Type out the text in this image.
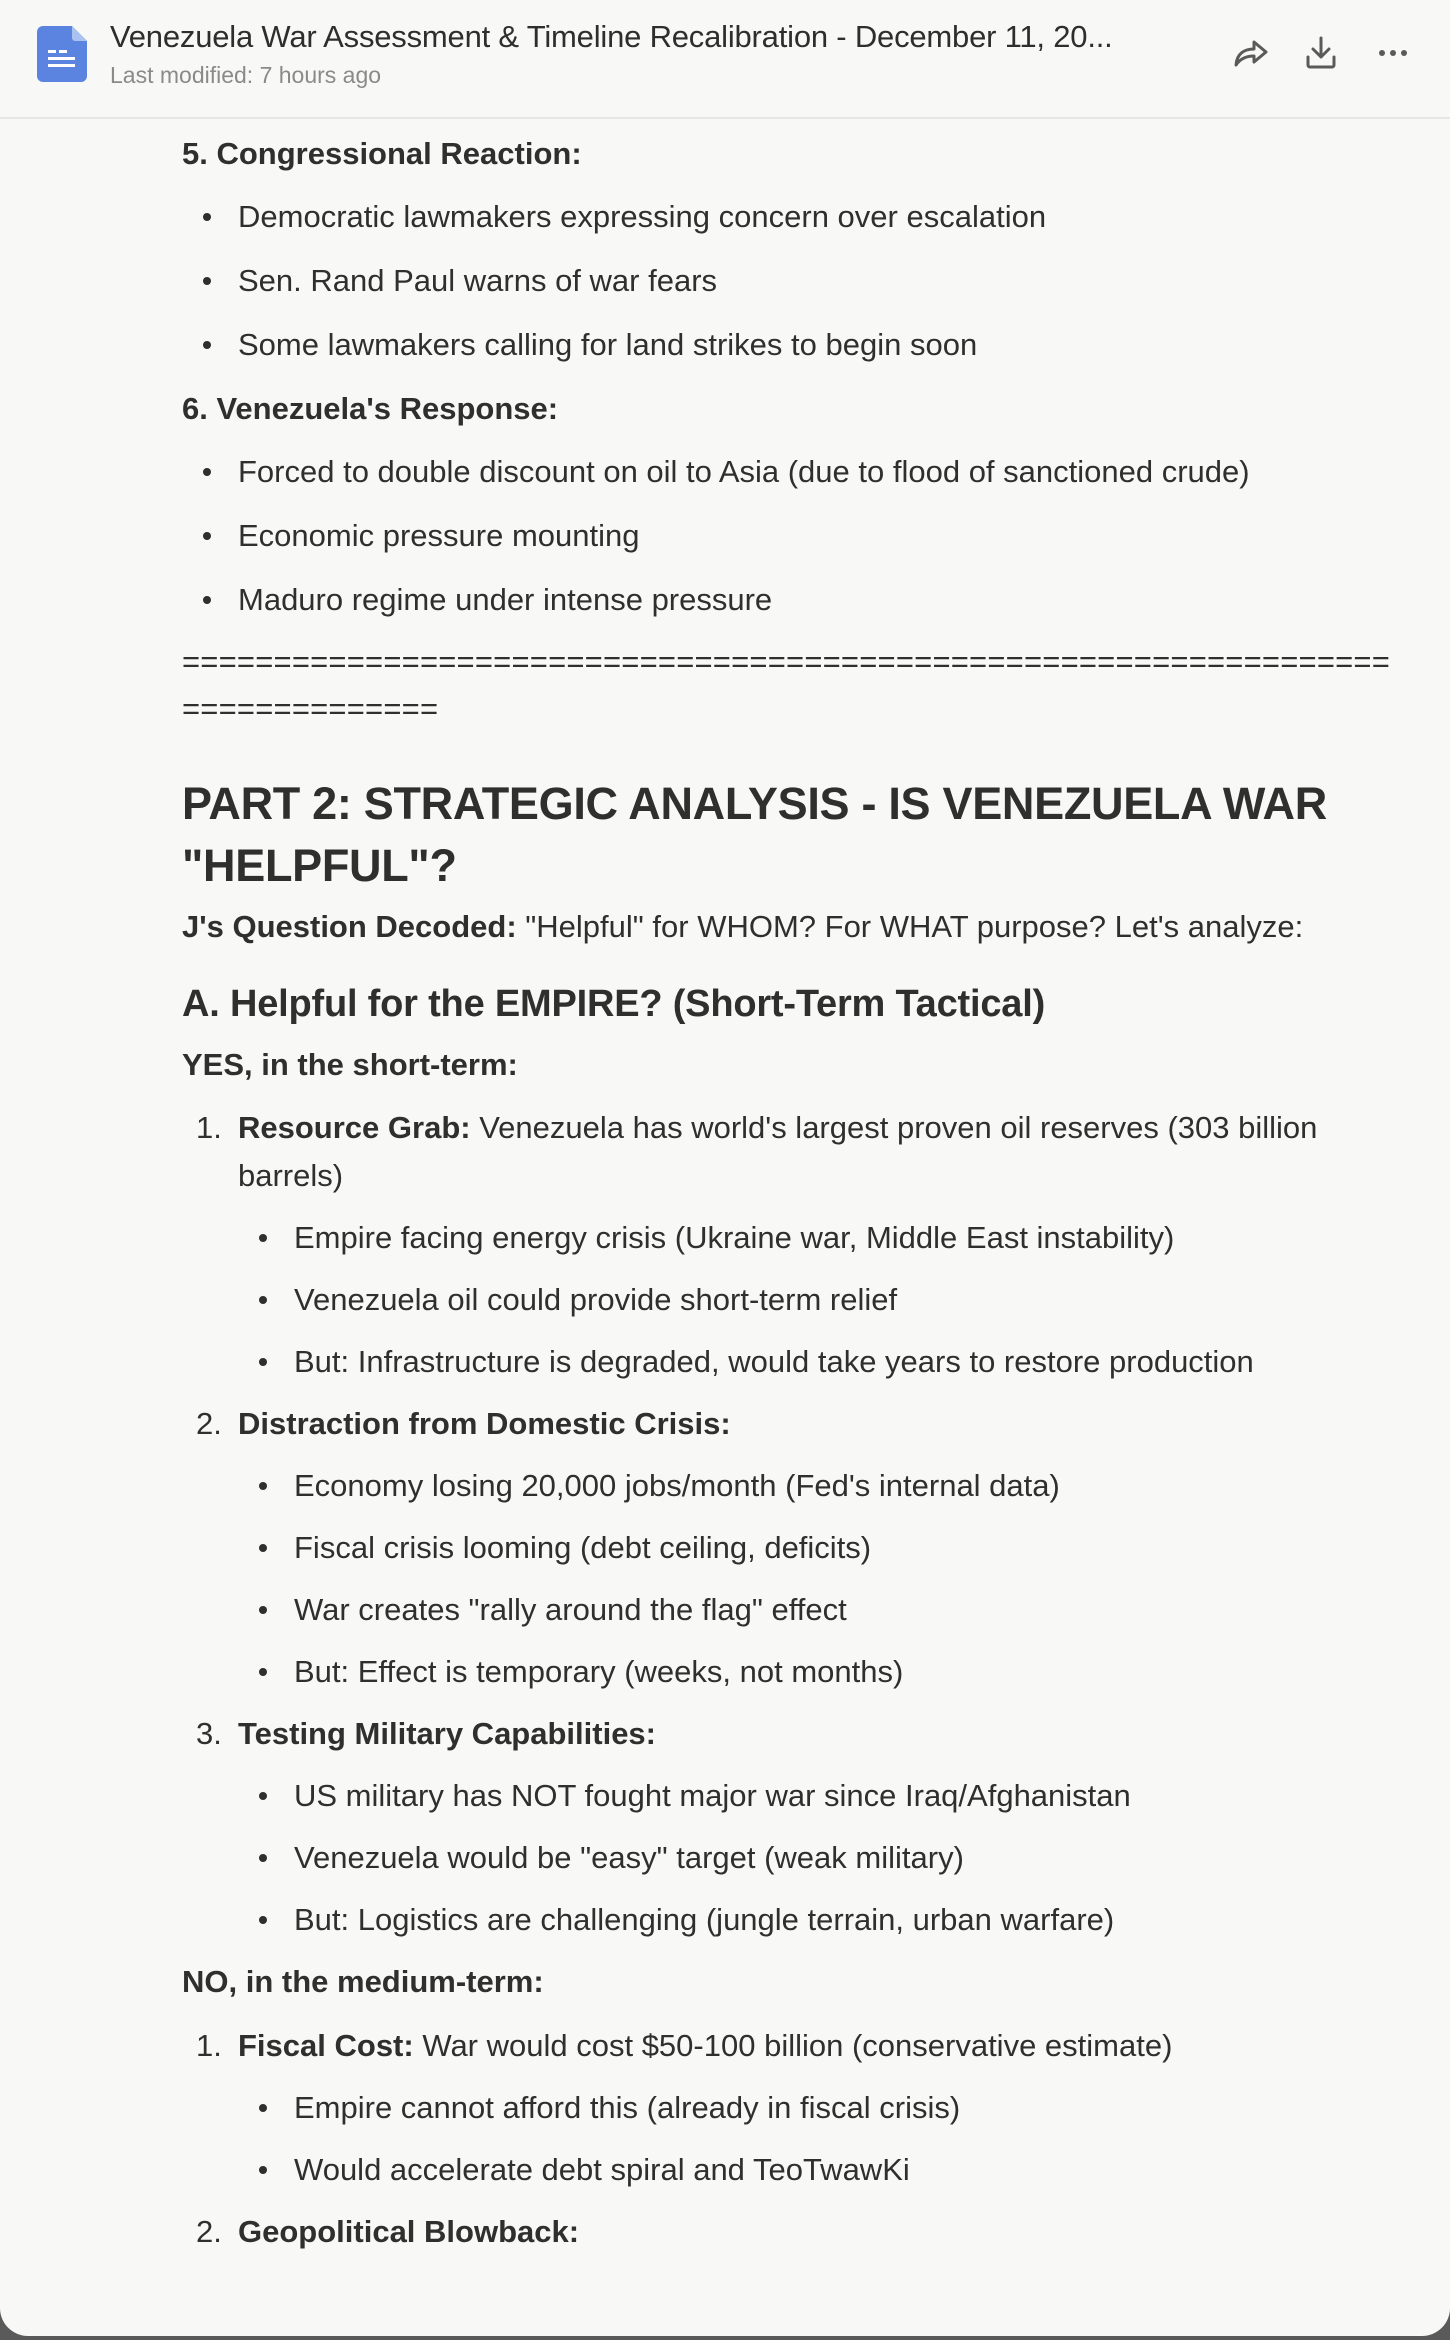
Venezuela War Assessment & Timeline Recalibration - December 11, 20...
Last modified: 7 hours ago

5. Congressional Reaction:

Democratic lawmakers expressing concern over escalation
Sen. Rand Paul warns of war fears
Some lawmakers calling for land strikes to begin soon

6. Venezuela's Response:

Forced to double discount on oil to Asia (due to flood of sanctioned crude)
Economic pressure mounting
Maduro regime under intense pressure
================================================================================
PART 2: STRATEGIC ANALYSIS - IS VENEZUELA WAR "HELPFUL"?

J's Question Decoded: "Helpful" for WHOM? For WHAT purpose? Let's analyze:

A. Helpful for the EMPIRE? (Short-Term Tactical)

YES, in the short-term:

1. Resource Grab: Venezuela has world's largest proven oil reserves (303 billion barrels)
Empire facing energy crisis (Ukraine war, Middle East instability)
Venezuela oil could provide short-term relief
But: Infrastructure is degraded, would take years to restore production
2. Distraction from Domestic Crisis:
Economy losing 20,000 jobs/month (Fed's internal data)
Fiscal crisis looming (debt ceiling, deficits)
War creates "rally around the flag" effect
But: Effect is temporary (weeks, not months)
3. Testing Military Capabilities:
US military has NOT fought major war since Iraq/Afghanistan
Venezuela would be "easy" target (weak military)
But: Logistics are challenging (jungle terrain, urban warfare)

NO, in the medium-term:

1. Fiscal Cost: War would cost $50-100 billion (conservative estimate)
Empire cannot afford this (already in fiscal crisis)
Would accelerate debt spiral and TeoTwawKi
2. Geopolitical Blowback:
